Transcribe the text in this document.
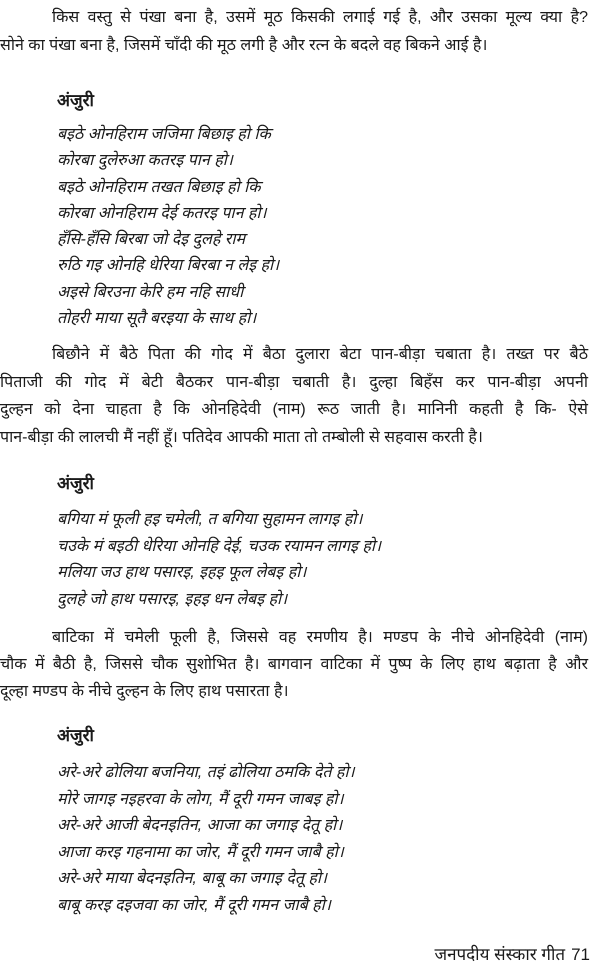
किस वस्तु से पंखा बना है, उसमें मूठ किसकी लगाई गई है, और उसका मूल्य क्या है?
सोने का पंखा बना है, जिसमें चाँदी की मूठ लगी है और रत्न के बदले वह बिकने आई है।
अंजुरी
बइठे ओनहिराम जजिमा बिछाइ हो कि
कोरबा दुलेरुआ कतरइ पान हो।
बइठे ओनहिराम तखत बिछाइ हो कि
कोरबा ओनहिराम देई कतरइ पान हो।
हँसि-हँसि बिरबा जो देइ दुलहे राम
रुठि गइ ओनहि धेरिया बिरबा न लेइ हो।
अइसे बिरउना केरि हम नहि साधी
तोहरी माया सूतै बरइया के साथ हो।
बिछौने में बैठे पिता की गोद में बैठा दुलारा बेटा पान-बीड़ा चबाता है। तख्त पर बैठे
पिताजी की गोद में बेटी बैठकर पान-बीड़ा चबाती है। दुल्हा बिहँस कर पान-बीड़ा अपनी
दुल्हन को देना चाहता है कि ओनहिदेवी (नाम) रूठ जाती है। मानिनी कहती है कि- ऐसे
पान-बीड़ा की लालची मैं नहीं हूँ। पतिदेव आपकी माता तो तम्बोली से सहवास करती है।
अंजुरी
बगिया मं फूली हइ चमेली, त बगिया सुहामन लागइ हो।
चउके मं बइठी धेरिया ओनहि देई, चउक रयामन लागइ हो।
मलिया जउ हाथ पसारइ, इहइ फूल लेबइ हो।
दुलहे जो हाथ पसारइ, इहइ धन लेबइ हो।
बाटिका में चमेली फूली है, जिससे वह रमणीय है। मण्डप के नीचे ओनहिदेवी (नाम)
चौक में बैठी है, जिससे चौक सुशोभित है। बागवान वाटिका में पुष्प के लिए हाथ बढ़ाता है और
दूल्हा मण्डप के नीचे दुल्हन के लिए हाथ पसारता है।
अंजुरी
अरे-अरे ढोलिया बजनिया, तइं ढोलिया ठमकि देते हो।
मोरे जागइ नइहरवा के लोग, मैं दूरी गमन जाबइ हो।
अरे-अरे आजी बेदनइतिन, आजा का जगाइ देतू हो।
आजा करइ गहनामा का जोर, मैं दूरी गमन जाबै हो।
अरे-अरे माया बेदनइतिन, बाबू का जगाइ देतू हो।
बाबू करइ दइजवा का जोर, मैं दूरी गमन जाबै हो।
जनपदीय संस्कार गीत 71
